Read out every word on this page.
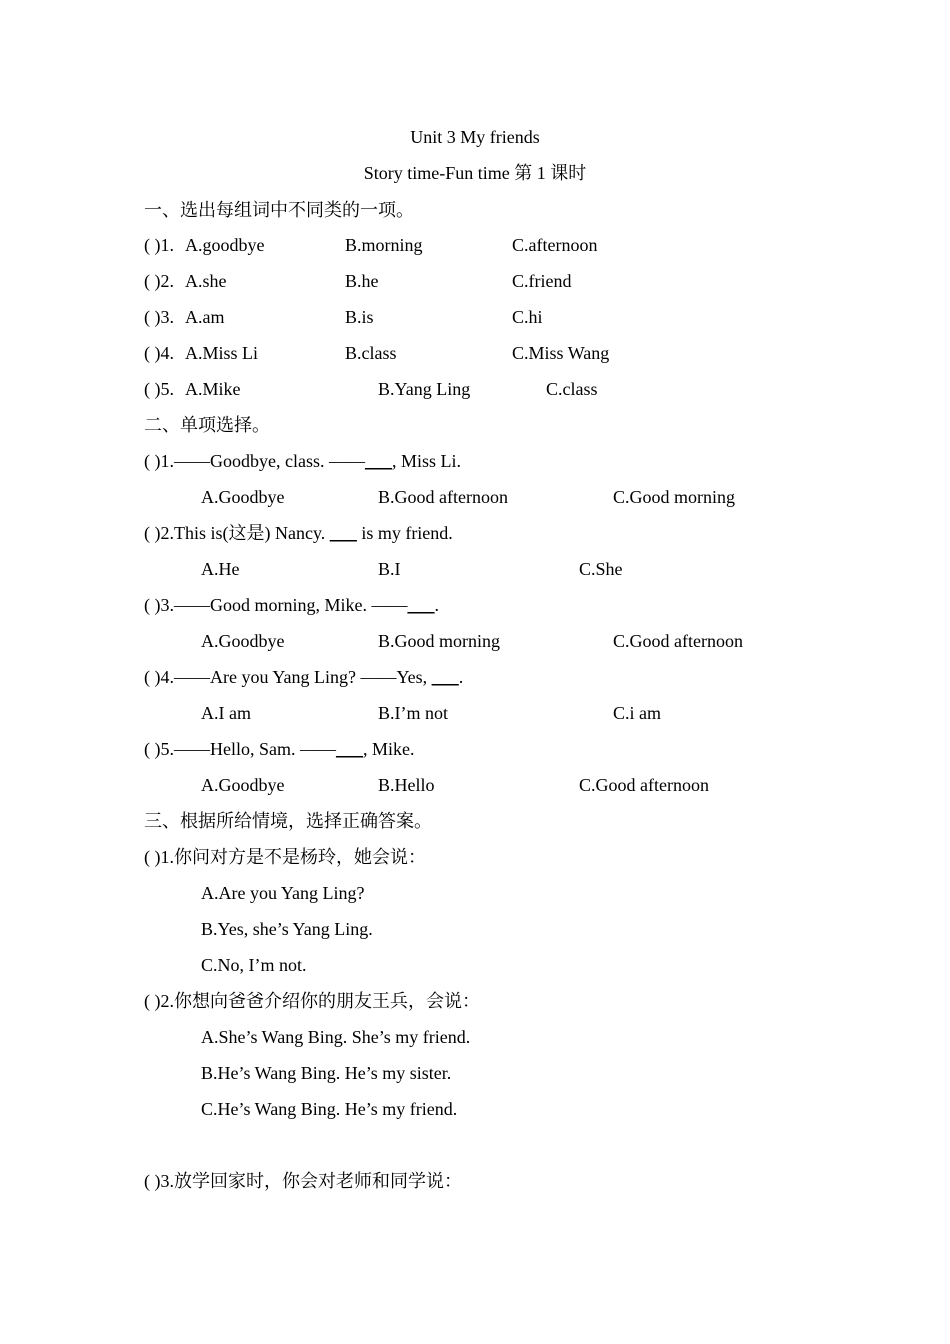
Unit 3 My friends
Story time-Fun time 第 1 课时
一、选出每组词中不同类的一项。
( )1. A.goodbye	B.morning	C.afternoon
( )2. A.she	B.he	C.friend
( )3. A.am	B.is	C.hi
( )4. A.Miss Li	B.class	C.Miss Wang
( )5. A.Mike	B.Yang Ling	C.class
二、单项选择。
( )1.——Goodbye, class. ——___, Miss Li.
A.Goodbye	B.Good afternoon	C.Good morning
( )2.This is(这是) Nancy. ___ is my friend.
A.He	B.I	C.She
( )3.——Good morning, Mike. ——___.
A.Goodbye	B.Good morning	C.Good afternoon
( )4.——Are you Yang Ling? ——Yes, ___.
A.I am	B.I’m not	C.i am
( )5.——Hello, Sam. ——___, Mike.
A.Goodbye	B.Hello	C.Good afternoon
三、根据所给情境，选择正确答案。
( )1.你问对方是不是杨玲，她会说：
A.Are you Yang Ling?
B.Yes, she’s Yang Ling.
C.No, I’m not.
( )2.你想向爸爸介绍你的朋友王兵，会说：
A.She’s Wang Bing. She’s my friend.
B.He’s Wang Bing. He’s my sister.
C.He’s Wang Bing. He’s my friend.
( )3.放学回家时，你会对老师和同学说：
